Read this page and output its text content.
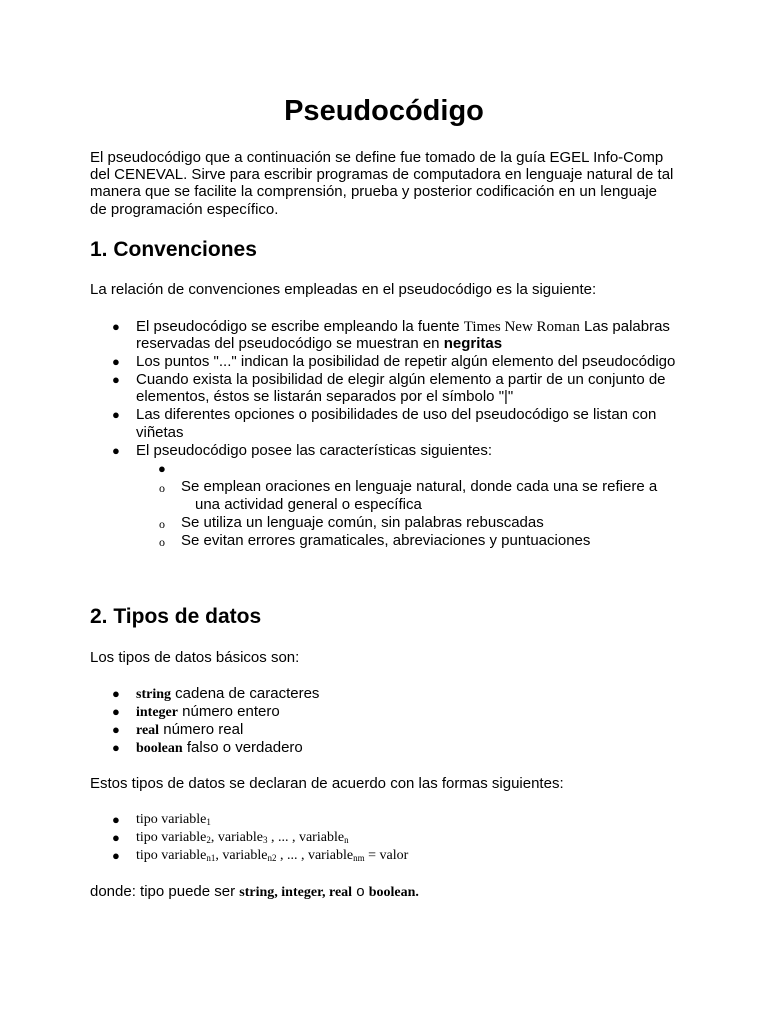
Pseudocódigo

El pseudocódigo que a continuación se define fue tomado de la guía EGEL Info-Comp

del CENEVAL. Sirve para escribir programas de computadora en lenguaje natural de tal

manera que se facilite la comprensión, prueba y posterior codificación en un lenguaje

de programación específico.

1. Convenciones

La relación de convenciones empleadas en el pseudocódigo es la siguiente:

● El pseudocódigo se escribe empleando la fuente Times New Roman Las palabras
reservadas del pseudocódigo se muestran en negritas
● Los puntos "..." indican la posibilidad de repetir algún elemento del pseudocódigo
● Cuando exista la posibilidad de elegir algún elemento a partir de un conjunto de
elementos, éstos se listarán separados por el símbolo "|"
● Las diferentes opciones o posibilidades de uso del pseudocódigo se listan con
viñetas
● El pseudocódigo posee las características siguientes:
●
o Se emplean oraciones en lenguaje natural, donde cada una se refiere a
una actividad general o específica
o Se utiliza un lenguaje común, sin palabras rebuscadas
o Se evitan errores gramaticales, abreviaciones y puntuaciones
2. Tipos de datos

Los tipos de datos básicos son:

● string cadena de caracteres
● integer número entero
● real número real
● boolean falso o verdadero

Estos tipos de datos se declaran de acuerdo con las formas siguientes:

● tipo variable$_1$
● tipo variable$_2$, variable$_3$ , ... , variable$_n$
● tipo variable$_{n1}$, variable$_{n2}$ , ... , variable$_{nm}$ = valor
donde: tipo puede ser string, integer, real o boolean.
